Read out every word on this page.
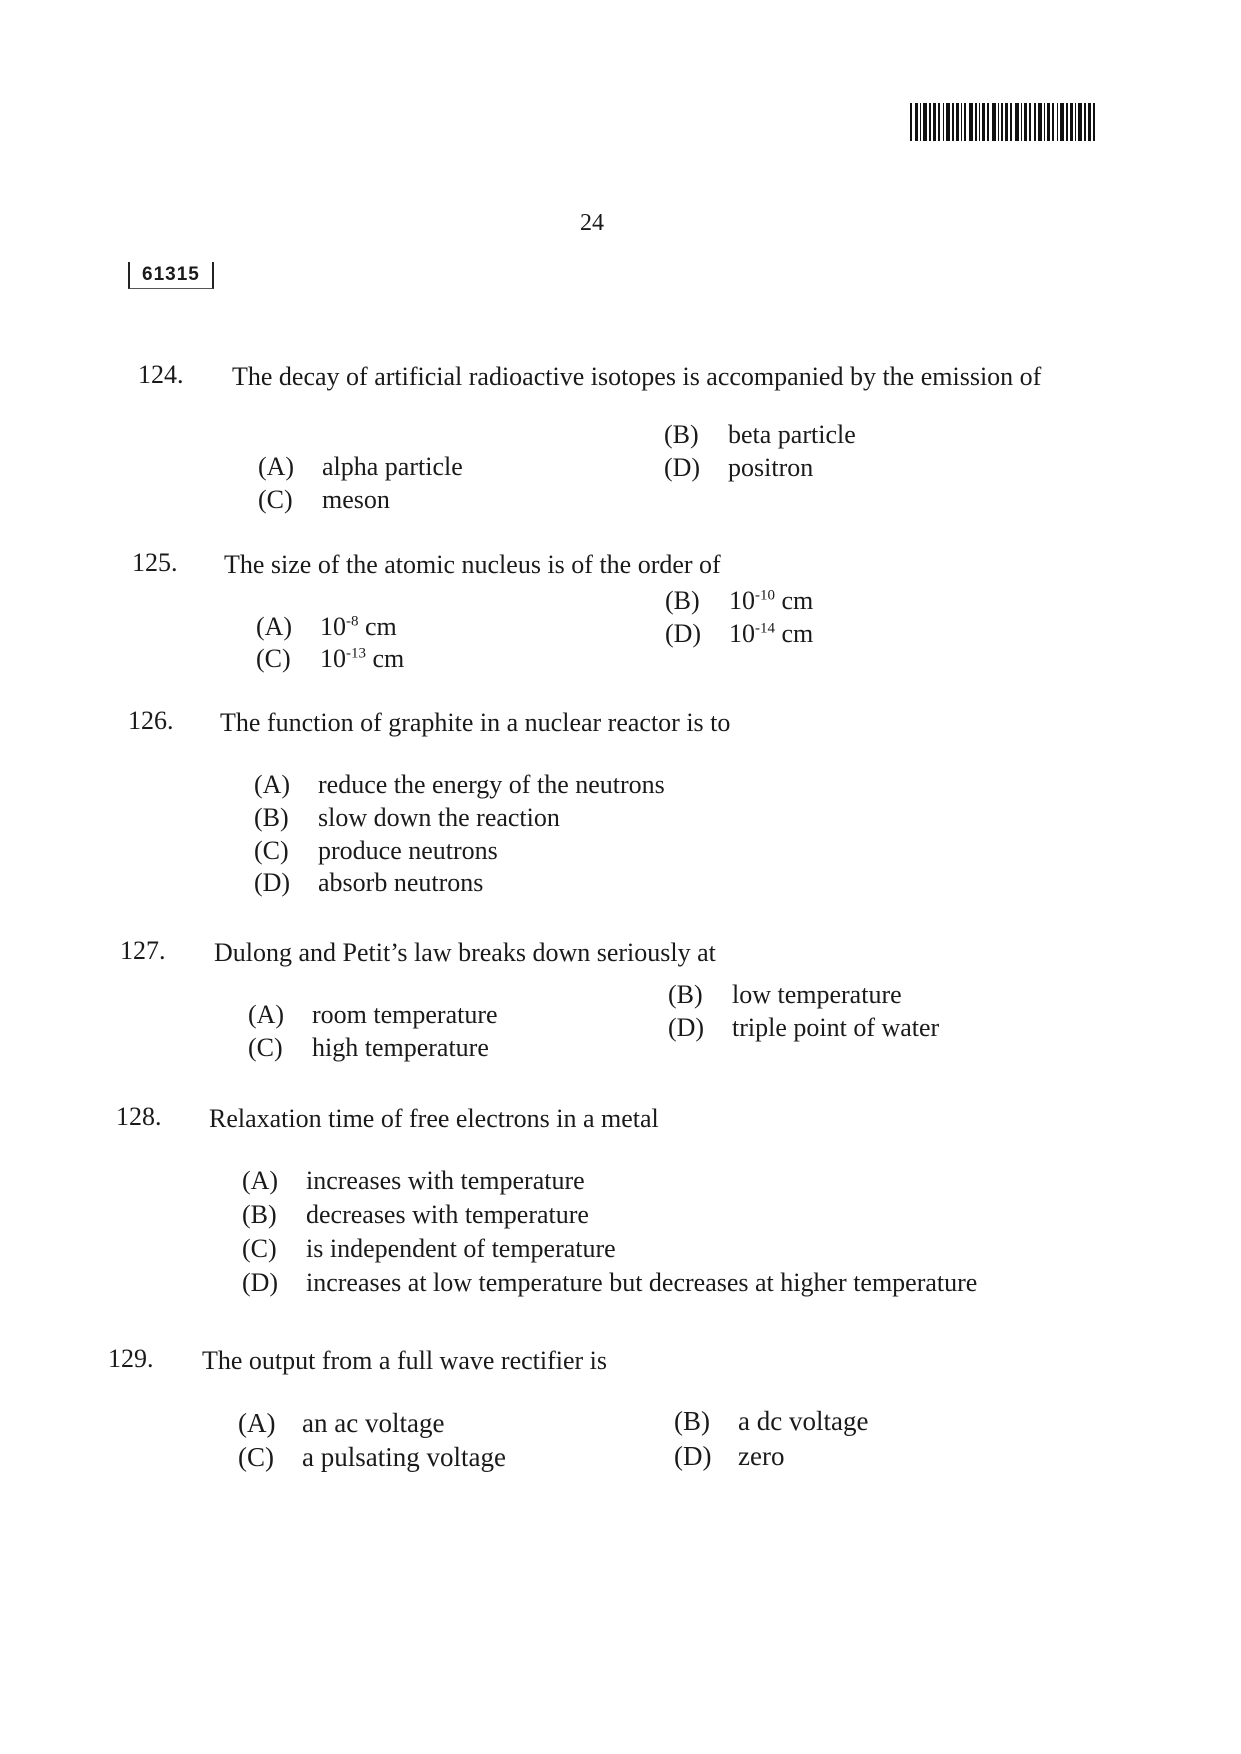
24
61315
124. The decay of artificial radioactive isotopes is accompanied by the emission of
(A) alpha particle
(B) beta particle
(C) meson
(D) positron
125. The size of the atomic nucleus is of the order of
(A) $10^{-8}$ cm
(B) $10^{-10}$ cm
(C) $10^{-13}$ cm
(D) $10^{-14}$ cm
126. The function of graphite in a nuclear reactor is to
(A) reduce the energy of the neutrons
(B) slow down the reaction
(C) produce neutrons
(D) absorb neutrons
127. Dulong and Petit’s law breaks down seriously at
(A) room temperature
(B) low temperature
(C) high temperature
(D) triple point of water
128. Relaxation time of free electrons in a metal
(A) increases with temperature
(B) decreases with temperature
(C) is independent of temperature
(D) increases at low temperature but decreases at higher temperature
129. The output from a full wave rectifier is
(A) an ac voltage	(B) a dc voltage
(C) a pulsating voltage	(D) zero
